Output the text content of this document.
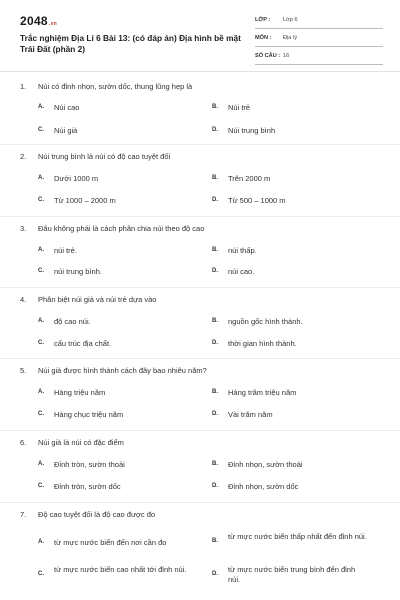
2048.vn
Trắc nghiệm Địa Lí 6 Bài 13: (có đáp án) Địa hình bề mặt Trái Đất (phần 2)
LỚP : Lớp 6
MÔN : Địa lý
SỐ CÂU : 16
1. Núi có đỉnh nhọn, sườn dốc, thung lũng hẹp là
A. Núi cao	B. Núi trẻ
C. Núi già	D. Núi trung bình
2. Núi trung bình là núi có độ cao tuyệt đối
A. Dưới 1000 m	B. Trên 2000 m
C. Từ 1000 – 2000 m	D. Từ 500 – 1000 m
3. Đâu không phải là cách phân chia núi theo độ cao
A. núi trẻ.	B. núi thấp.
C. núi trung bình.	D. núi cao.
4. Phân biệt núi già và núi trẻ dựa vào
A. độ cao núi.	B. nguồn gốc hình thành.
C. cấu trúc địa chất.	D. thời gian hình thành.
5. Núi già được hình thành cách đây bao nhiêu năm?
A. Hàng triệu năm	B. Hàng trăm triệu năm
C. Hàng chục triệu năm	D. Vài trăm năm
6. Núi già là núi có đặc điểm
A. Đỉnh tròn, sườn thoải	B. Đỉnh nhọn, sườn thoải
C. Đỉnh tròn, sườn dốc	D. Đỉnh nhọn, sườn dốc
7. Độ cao tuyệt đối là độ cao được đo
A. từ mực nước biển đến nơi cần đo	B. từ mực nước biển thấp nhất đến đỉnh núi.
C. từ mực nước biển cao nhất tới đỉnh núi.	D. từ mực nước biển trung bình đến đỉnh núi.
